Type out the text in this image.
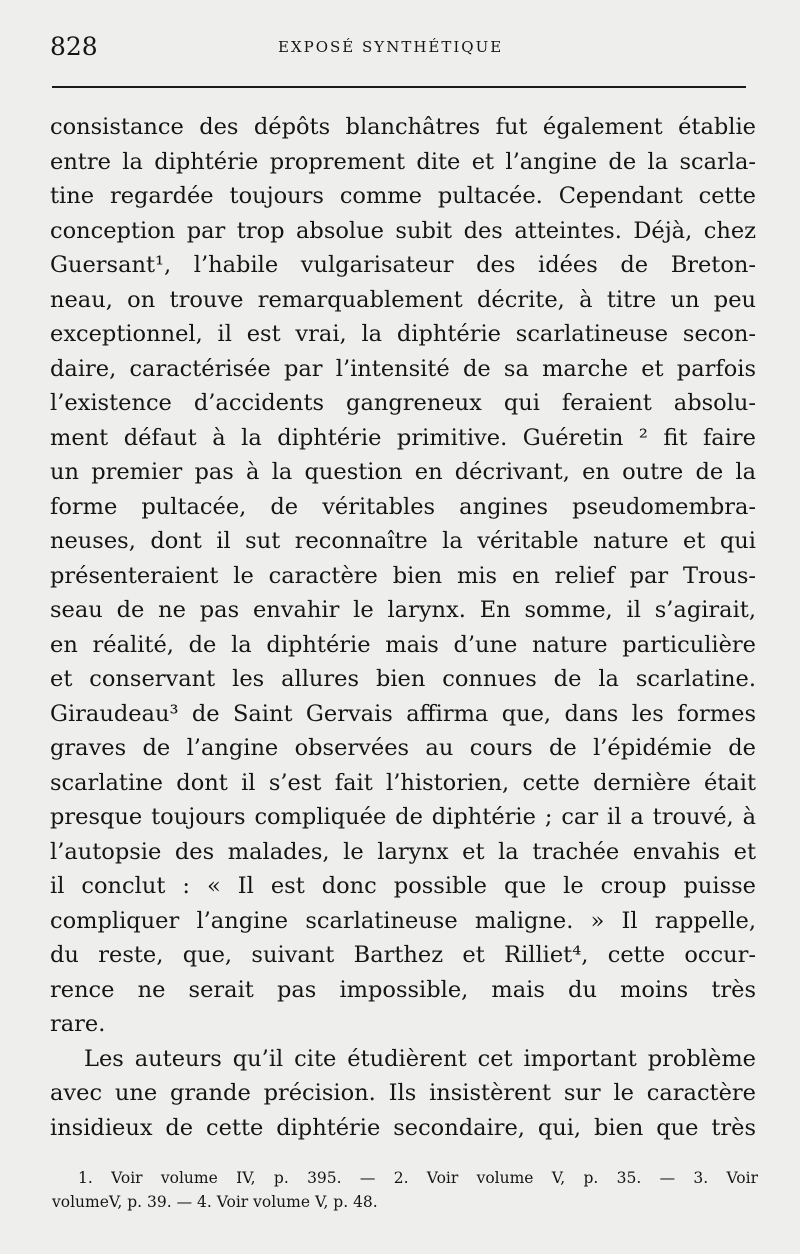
828	EXPOSÉ SYNTHÉTIQUE
consistance des dépôts blanchâtres fut également établie
entre la diphtérie proprement dite et l’angine de la scarla-
tine regardée toujours comme pultacée. Cependant cette
conception par trop absolue subit des atteintes. Déjà, chez
Guersant¹, l’habile vulgarisateur des idées de Breton-
neau, on trouve remarquablement décrite, à titre un peu
exceptionnel, il est vrai, la diphtérie scarlatineuse secon-
daire, caractérisée par l’intensité de sa marche et parfois
l’existence d’accidents gangreneux qui feraient absolu-
ment défaut à la diphtérie primitive. Guéretin ² fit faire
un premier pas à la question en décrivant, en outre de la
forme pultacée, de véritables angines pseudomembra-
neuses, dont il sut reconnaître la véritable nature et qui
présenteraient le caractère bien mis en relief par Trous-
seau de ne pas envahir le larynx. En somme, il s’agirait,
en réalité, de la diphtérie mais d’une nature particulière
et conservant les allures bien connues de la scarlatine.
Giraudeau³ de Saint Gervais affirma que, dans les formes
graves de l’angine observées au cours de l’épidémie de
scarlatine dont il s’est fait l’historien, cette dernière était
presque toujours compliquée de diphtérie ; car il a trouvé, à
l’autopsie des malades, le larynx et la trachée envahis et
il conclut : « Il est donc possible que le croup puisse
compliquer l’angine scarlatineuse maligne. » Il rappelle,
du reste, que, suivant Barthez et Rilliet⁴, cette occur-
rence ne serait pas impossible, mais du moins très
rare.
Les auteurs qu’il cite étudièrent cet important problème
avec une grande précision. Ils insistèrent sur le caractère
insidieux de cette diphtérie secondaire, qui, bien que très
1. Voir volume IV, p. 395. — 2. Voir volume V, p. 35. — 3. Voir
volumeV, p. 39. — 4. Voir volume V, p. 48.
